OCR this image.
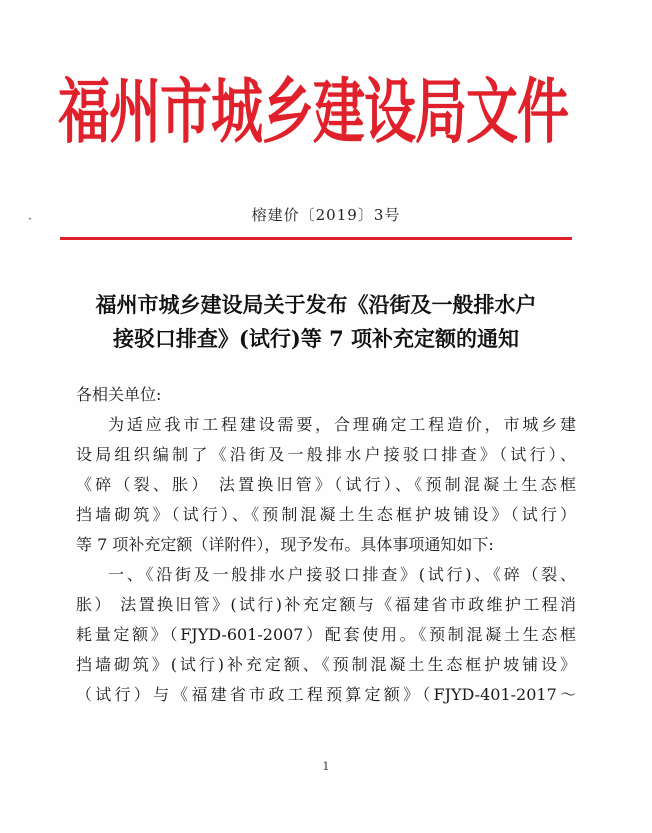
福州市城乡建设局文件
·	榕建价〔2019〕3号
福州市城乡建设局关于发布《沿街及一般排水户
接驳口排查》(试行)等 7 项补充定额的通知
各相关单位:
为适应我市工程建设需要，合理确定工程造价，市城乡建
设局组织编制了《沿街及一般排水户接驳口排查》（试行）、
《碎（裂、胀） 法置换旧管》（试行）、《预制混凝土生态框
挡墙砌筑》（试行）、《预制混凝土生态框护坡铺设》（试行）
等 7 项补充定额（详附件），现予发布。具体事项通知如下:
一、《沿街及一般排水户接驳口排查》(试行)、《碎（裂、
胀） 法置换旧管》(试行)补充定额与《福建省市政维护工程消
耗量定额》（FJYD-601-2007）配套使用。《预制混凝土生态框
挡墙砌筑》(试行)补充定额、《预制混凝土生态框护坡铺设》
（试行）与《福建省市政工程预算定额》（FJYD-401-2017～
1
